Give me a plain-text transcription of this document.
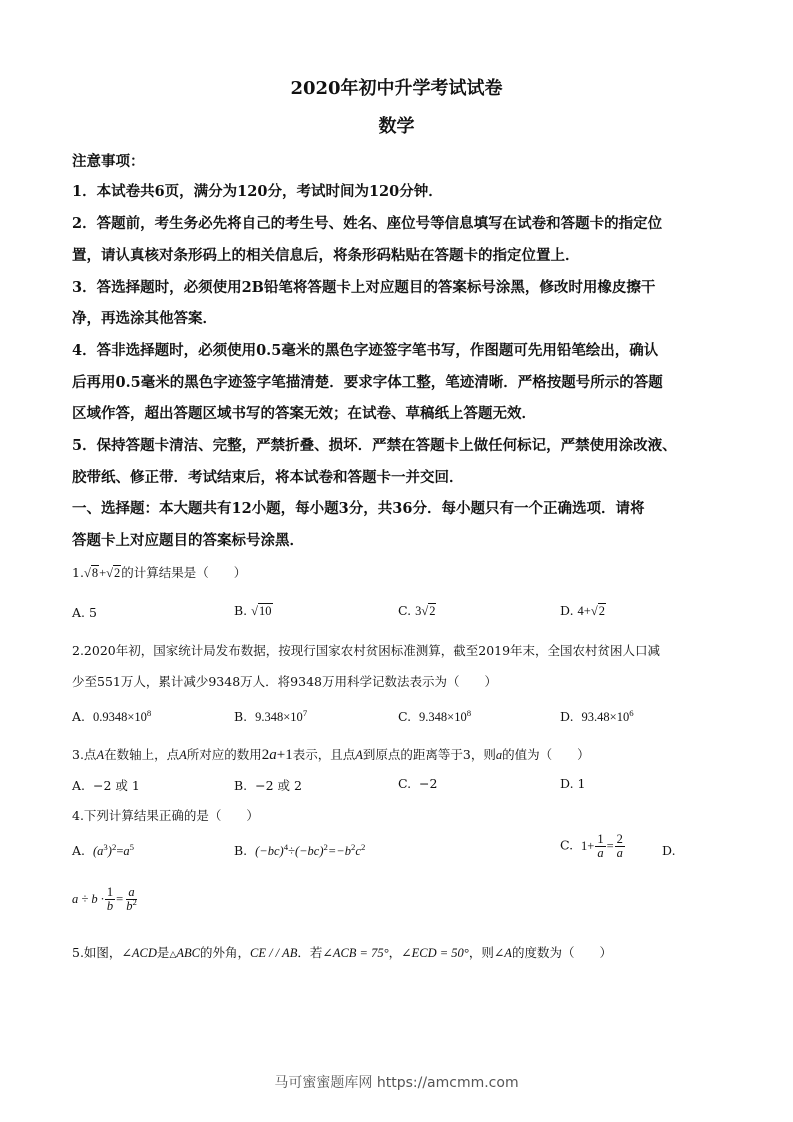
2020年初中升学考试试卷
数学
注意事项：
1．本试卷共6页，满分为120分，考试时间为120分钟．
2．答题前，考生务必先将自己的考生号、姓名、座位号等信息填写在试卷和答题卡的指定位
置，请认真核对条形码上的相关信息后，将条形码粘贴在答题卡的指定位置上．
3．答选择题时，必须使用2B铅笔将答题卡上对应题目的答案标号涂黑，修改时用橡皮擦干
净，再选涂其他答案．
4．答非选择题时，必须使用0.5毫米的黑色字迹签字笔书写，作图题可先用铅笔绘出，确认
后再用0.5毫米的黑色字迹签字笔描清楚．要求字体工整，笔迹清晰．严格按题号所示的答题
区域作答，超出答题区域书写的答案无效；在试卷、草稿纸上答题无效．
5．保持答题卡清洁、完整，严禁折叠、损坏．严禁在答题卡上做任何标记，严禁使用涂改液、
胶带纸、修正带．考试结束后，将本试卷和答题卡一并交回．
一、选择题：本大题共有12小题，每小题3分，共36分．每小题只有一个正确选项．请将
答题卡上对应题目的答案标号涂黑．
1.√8+√2的计算结果是（　　）
A. 5	B. √10	C. 3√2	D. 4+√2
2.2020年初，国家统计局发布数据，按现行国家农村贫困标准测算，截至2019年末，全国农村贫困人口减
少至551万人，累计减少9348万人．将9348万用科学记数法表示为（　　）
A. $0.9348\times 10^8$	B. $9.348\times 10^7$	C. $9.348\times 10^8$	D. $93.48\times 10^6$
3.点A在数轴上，点A所对应的数用2a+1表示，且点A到原点的距离等于3，则a的值为（　　）
A. −2 或 1	B. −2 或 2	C. −2	D. 1
4.下列计算结果正确的是（　　）
A. $(a^3)^2=a^5$	B. $(-bc)^4\div(-bc)^2=-b^2c^2$	C. $1+ \frac{1}{a} = \frac{2}{a}$	D.
$a \div b \cdot \frac{1}{b} = \frac{a}{b^2}$
5.如图，∠ACD是△ABC的外角，CE / / AB．若∠ACB = 75°，∠ECD = 50°，则∠A的度数为（　　）
马可蜜蜜题库网 https://amcmm.com
